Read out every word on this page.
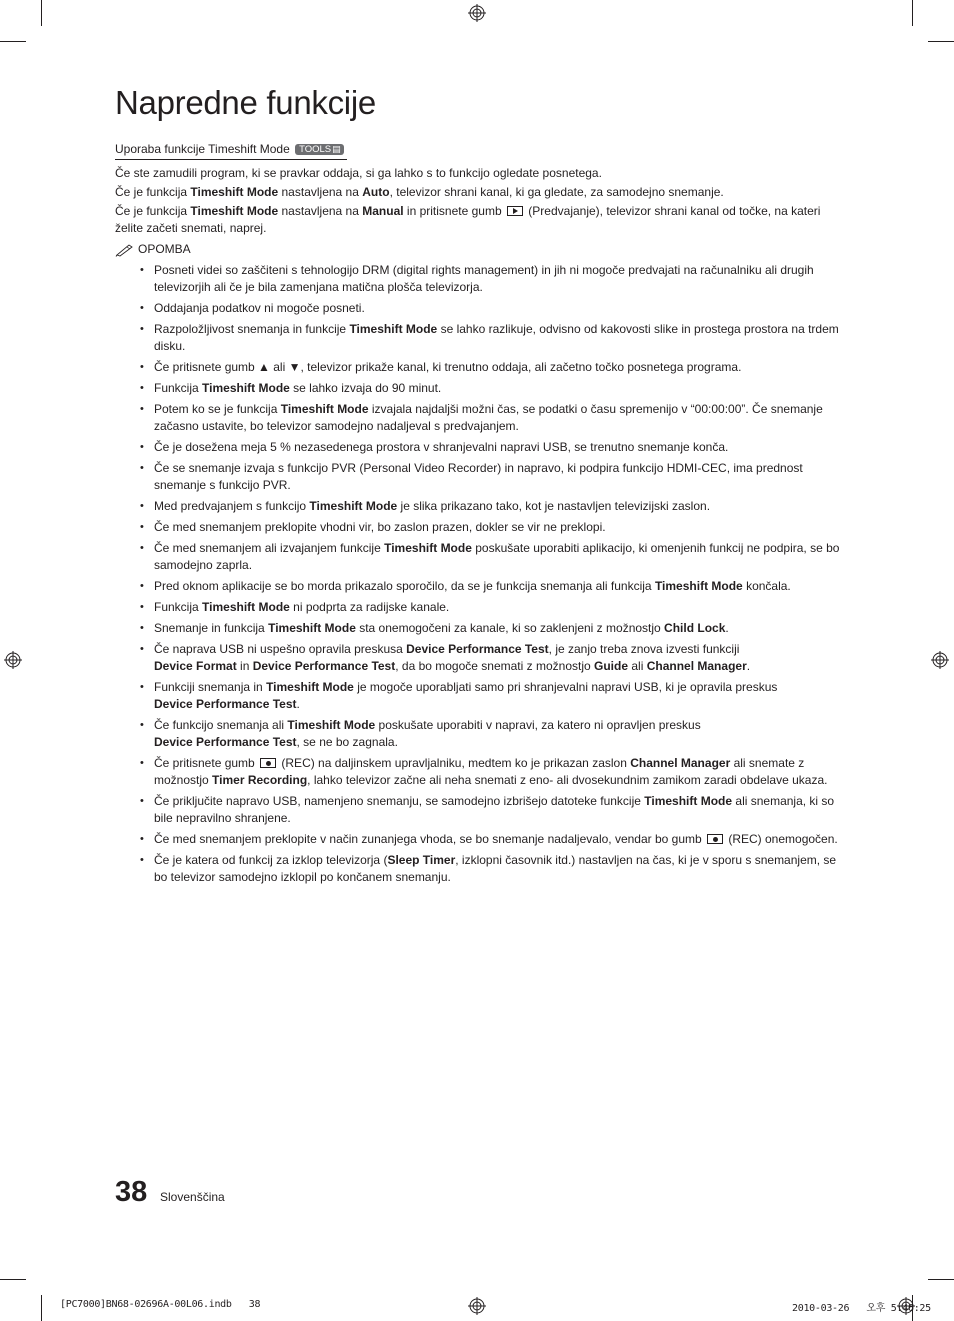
Napredne funkcije
Uporaba funkcije Timeshift Mode TOOLS▤
Če ste zamudili program, ki se pravkar oddaja, si ga lahko s to funkcijo ogledate posnetega.
Če je funkcija Timeshift Mode nastavljena na Auto, televizor shrani kanal, ki ga gledate, za samodejno snemanje.
Če je funkcija Timeshift Mode nastavljena na Manual in pritisnete gumb  (Predvajanje), televizor shrani kanal od točke, na kateri želite začeti snemati, naprej.
OPOMBA
• Posneti videi so zaščiteni s tehnologijo DRM (digital rights management) in jih ni mogoče predvajati na računalniku ali drugih televizorjih ali če je bila zamenjana matična plošča televizorja.
• Oddajanja podatkov ni mogoče posneti.
• Razpoložljivost snemanja in funkcije Timeshift Mode se lahko razlikuje, odvisno od kakovosti slike in prostega prostora na trdem disku.
• Če pritisnete gumb ▲ ali ▼, televizor prikaže kanal, ki trenutno oddaja, ali začetno točko posnetega programa.
• Funkcija Timeshift Mode se lahko izvaja do 90 minut.
• Potem ko se je funkcija Timeshift Mode izvajala najdalјši možni čas, se podatki o času spremenijo v “00:00:00”. Če snemanje začasno ustavite, bo televizor samodejno nadaljeval s predvajanjem.
• Če je dosežena meja 5 % nezasedenega prostora v shranjevalni napravi USB, se trenutno snemanje konča.
• Če se snemanje izvaja s funkcijo PVR (Personal Video Recorder) in napravo, ki podpira funkcijo HDMI-CEC, ima prednost snemanje s funkcijo PVR.
• Med predvajanjem s funkcijo Timeshift Mode je slika prikazano tako, kot je nastavljen televizijski zaslon.
• Če med snemanjem preklopite vhodni vir, bo zaslon prazen, dokler se vir ne preklopi.
• Če med snemanjem ali izvajanjem funkcije Timeshift Mode poskušate uporabiti aplikacijo, ki omenjenih funkcij ne podpira, se bo samodejno zaprla.
• Pred oknom aplikacije se bo morda prikazalo sporočilo, da se je funkcija snemanja ali funkcija Timeshift Mode končala.
• Funkcija Timeshift Mode ni podprta za radijske kanale.
• Snemanje in funkcija Timeshift Mode sta onemogočeni za kanale, ki so zaklenjeni z možnostjo Child Lock.
• Če naprava USB ni uspešno opravila preskusa Device Performance Test, je zanjo treba znova izvesti funkciji
Device Format in Device Performance Test, da bo mogoče snemati z možnostjo Guide ali Channel Manager.
• Funkciji snemanja in Timeshift Mode je mogoče uporabljati samo pri shranjevalni napravi USB, ki je opravila preskus
Device Performance Test.
• Če funkcijo snemanja ali Timeshift Mode poskušate uporabiti v napravi, za katero ni opravljen preskus
Device Performance Test, se ne bo zagnala.
• Če pritisnete gumb  (REC) na daljinskem upravljalniku, medtem ko je prikazan zaslon Channel Manager ali snemate z možnostjo Timer Recording, lahko televizor začne ali neha snemati z eno- ali dvosekundnim zamikom zaradi obdelave ukaza.
• Če priključite napravo USB, namenjeno snemanju, se samodejno izbrišejo datoteke funkcije Timeshift Mode ali snemanja, ki so bile nepravilno shranjene.
• Če med snemanjem preklopite v način zunanjega vhoda, se bo snemanje nadaljevalo, vendar bo gumb  (REC) onemogočen.
• Če je katera od funkcij za izklop televizorja (Sleep Timer, izklopni časovnik itd.) nastavljen na čas, ki je v sporu s snemanjem, se bo televizor samodejno izklopil po končanem snemanju.
38 Slovenščina
[PC7000]BN68-02696A-00L06.indb   38	2010-03-26   오후 5:46:25
